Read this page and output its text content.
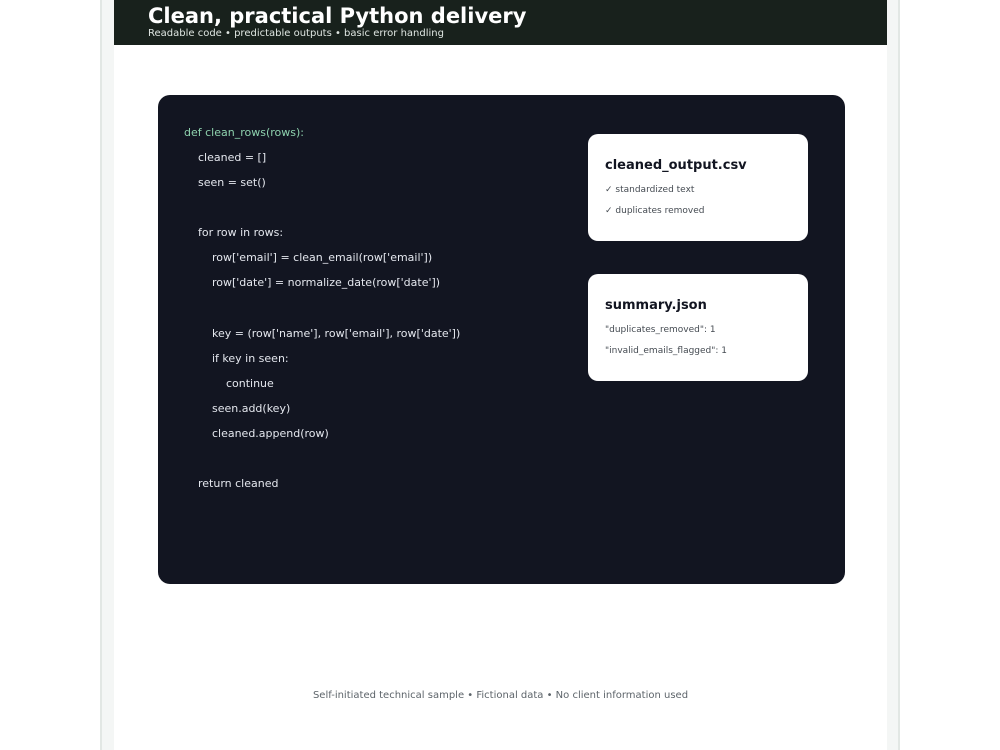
Clean, practical Python delivery
Readable code • predictable outputs • basic error handling
def clean_rows(rows):
cleaned = []
seen = set()
for row in rows:
row['email'] = clean_email(row['email'])
row['date'] = normalize_date(row['date'])
key = (row['name'], row['email'], row['date'])
if key in seen:
continue
seen.add(key)
cleaned.append(row)
return cleaned
cleaned_output.csv
✓ standardized text
✓ duplicates removed
summary.json
"duplicates_removed": 1
"invalid_emails_flagged": 1
Self-initiated technical sample • Fictional data • No client information used
